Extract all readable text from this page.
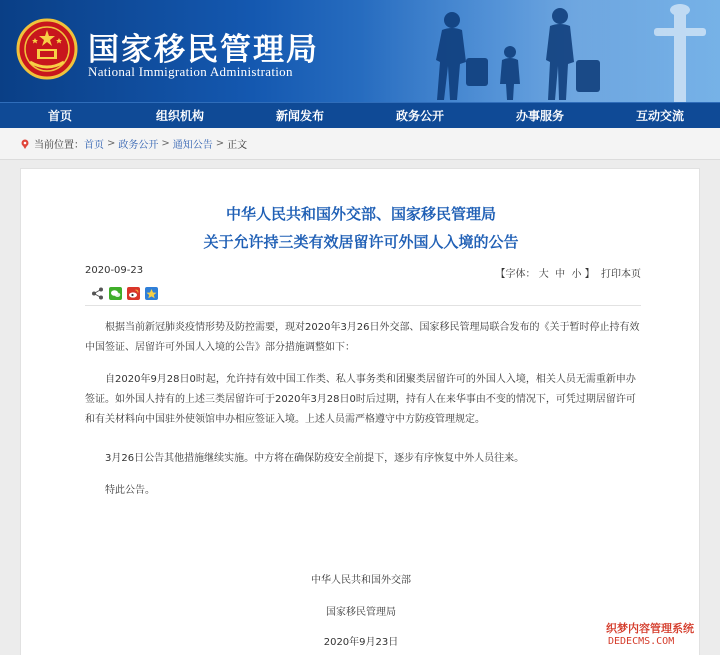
国家移民管理局
National Immigration Administration
首页	组织机构	新闻发布	政务公开	办事服务	互动交流
当前位置： 首页 > 政务公开 > 通知公告 > 正文
中华人民共和国外交部、国家移民管理局
关于允许持三类有效居留许可外国人入境的公告
2020-09-23	【字体： 大 中 小 】 打印本页

根据当前新冠肺炎疫情形势及防控需要，现对2020年3月26日外交部、国家移民管理局联合发布的《关于暂时停止持有效中国签证、居留许可外国人入境的公告》部分措施调整如下：

自2020年9月28日0时起，允许持有效中国工作类、私人事务类和团聚类居留许可的外国人入境，相关人员无需重新申办签证。如外国人持有的上述三类居留许可于2020年3月28日0时后过期，持有人在来华事由不变的情况下，可凭过期居留许可和有关材料向中国驻外使领馆申办相应签证入境。上述人员需严格遵守中方防疫管理规定。

3月26日公告其他措施继续实施。中方将在确保防疫安全前提下，逐步有序恢复中外人员往来。

特此公告。

中华人民共和国外交部
国家移民管理局
2020年9月23日
织梦内容管理系统
DEDECMS.COM
